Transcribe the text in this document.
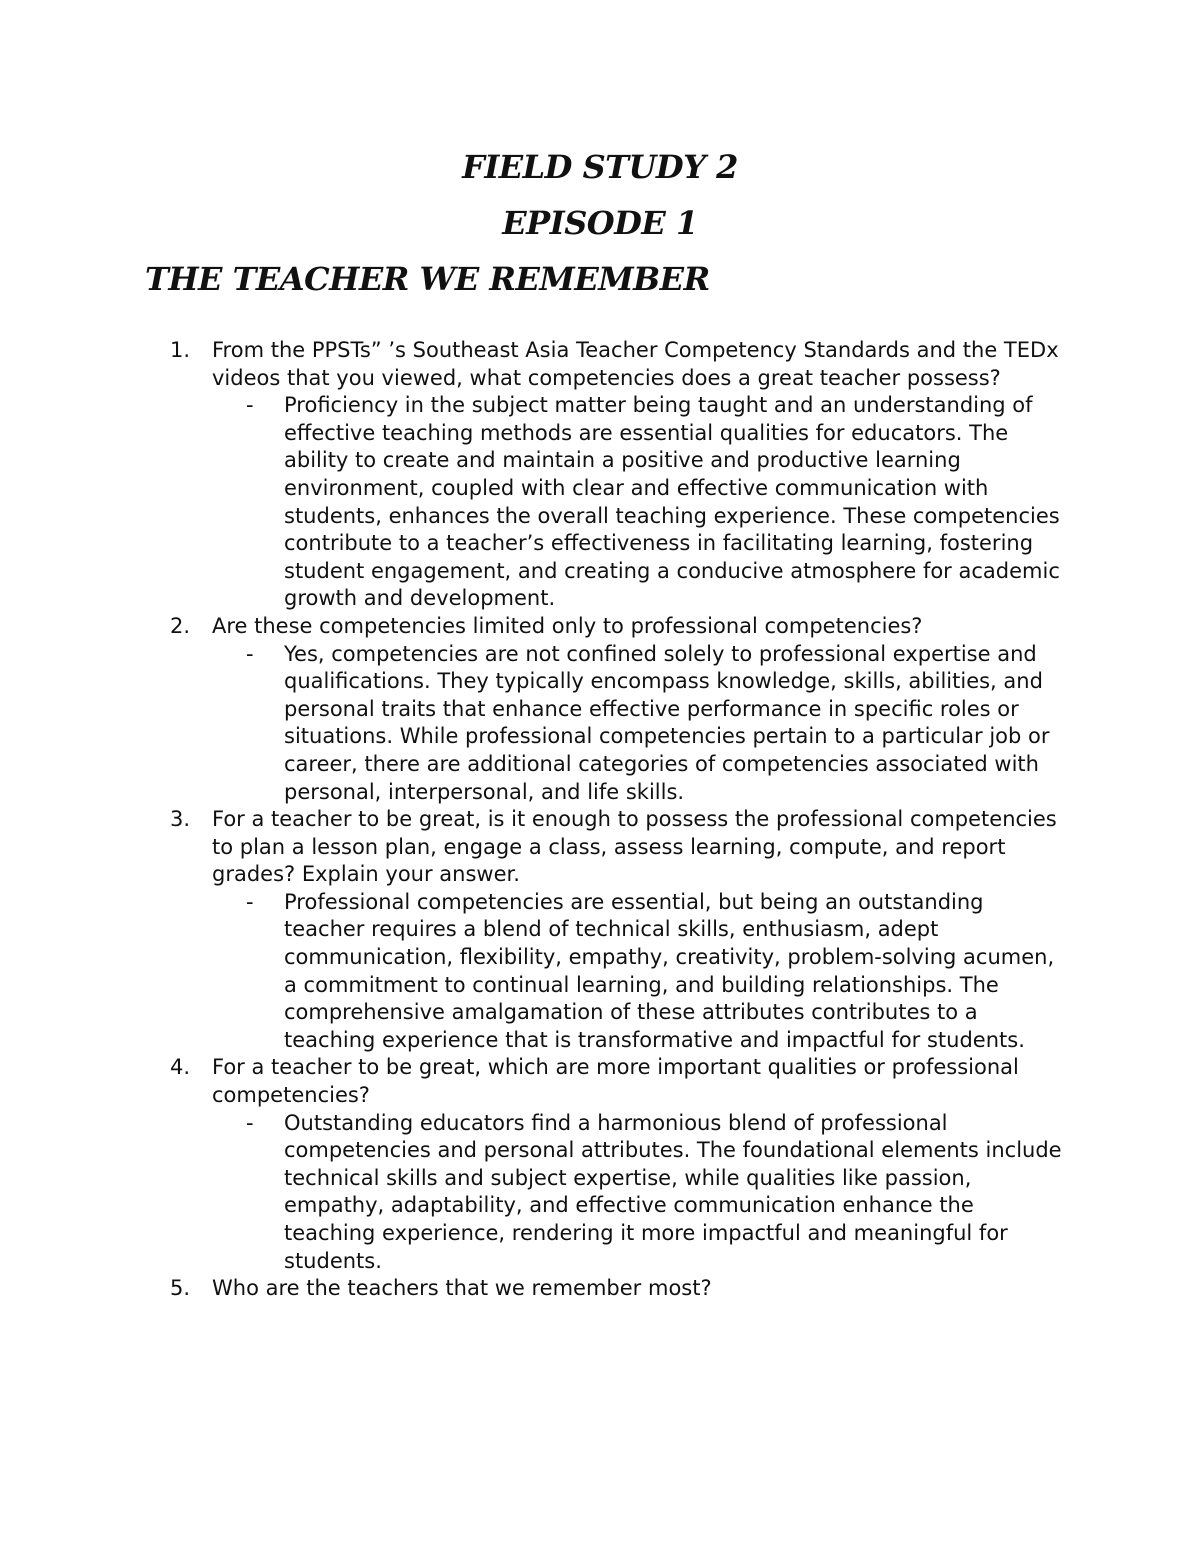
FIELD STUDY 2
EPISODE 1
THE TEACHER WE REMEMBER
1. From the PPSTs” ’s Southeast Asia Teacher Competency Standards and the TEDx videos that you viewed, what competencies does a great teacher possess?
- Proficiency in the subject matter being taught and an understanding of effective teaching methods are essential qualities for educators. The ability to create and maintain a positive and productive learning environment, coupled with clear and effective communication with students, enhances the overall teaching experience. These competencies contribute to a teacher’s effectiveness in facilitating learning, fostering student engagement, and creating a conducive atmosphere for academic growth and development.
2. Are these competencies limited only to professional competencies?
- Yes, competencies are not confined solely to professional expertise and qualifications. They typically encompass knowledge, skills, abilities, and personal traits that enhance effective performance in specific roles or situations. While professional competencies pertain to a particular job or career, there are additional categories of competencies associated with personal, interpersonal, and life skills.
3. For a teacher to be great, is it enough to possess the professional competencies to plan a lesson plan, engage a class, assess learning, compute, and report grades? Explain your answer.
- Professional competencies are essential, but being an outstanding teacher requires a blend of technical skills, enthusiasm, adept communication, flexibility, empathy, creativity, problem-solving acumen, a commitment to continual learning, and building relationships. The comprehensive amalgamation of these attributes contributes to a teaching experience that is transformative and impactful for students.
4. For a teacher to be great, which are more important qualities or professional competencies?
- Outstanding educators find a harmonious blend of professional competencies and personal attributes. The foundational elements include technical skills and subject expertise, while qualities like passion, empathy, adaptability, and effective communication enhance the teaching experience, rendering it more impactful and meaningful for students.
5. Who are the teachers that we remember most?
